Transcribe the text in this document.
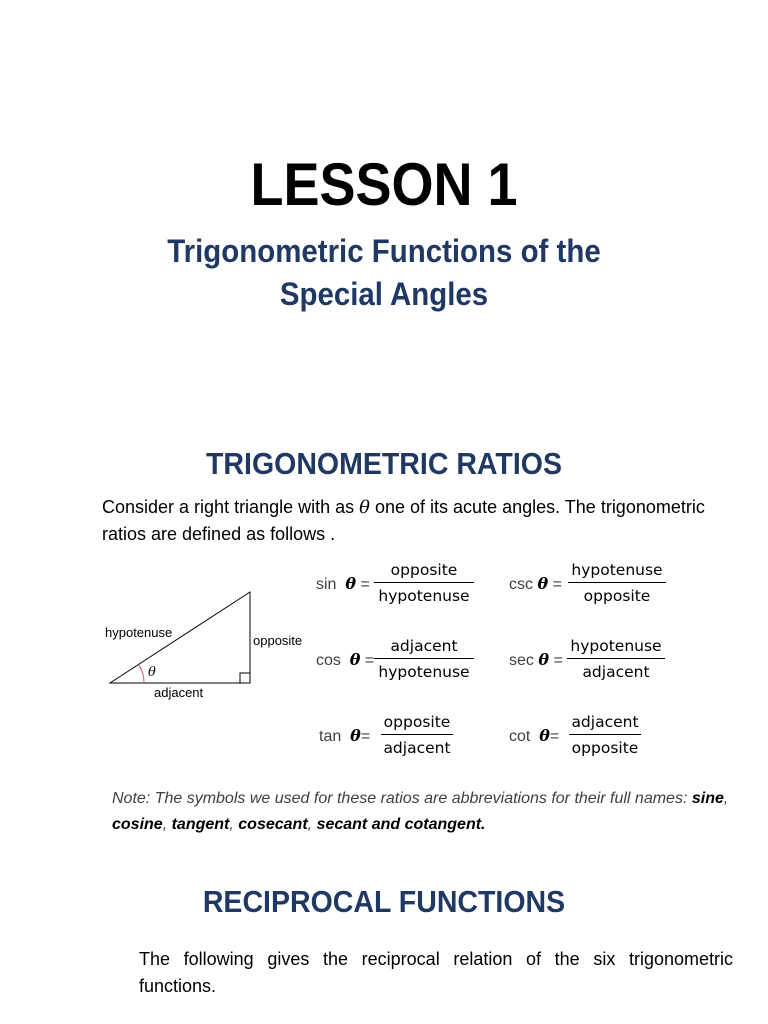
LESSON 1
Trigonometric Functions of the
Special Angles
TRIGONOMETRIC RATIOS
Consider a right triangle with as θ one of its acute angles. The trigonometric ratios are defined as follows .
θ
hypotenuse
opposite
adjacent
sin θ =
opposite
hypotenuse
csc θ =
hypotenuse
opposite
cos θ =
adjacent
hypotenuse
sec θ =
hypotenuse
adjacent
tan θ=
opposite
adjacent
cot θ=
adjacent
opposite
Note: The symbols we used for these ratios are abbreviations for their full names: sine, cosine, tangent, cosecant, secant and cotangent.
RECIPROCAL FUNCTIONS
The following gives the reciprocal relation of the six trigonometric functions.
